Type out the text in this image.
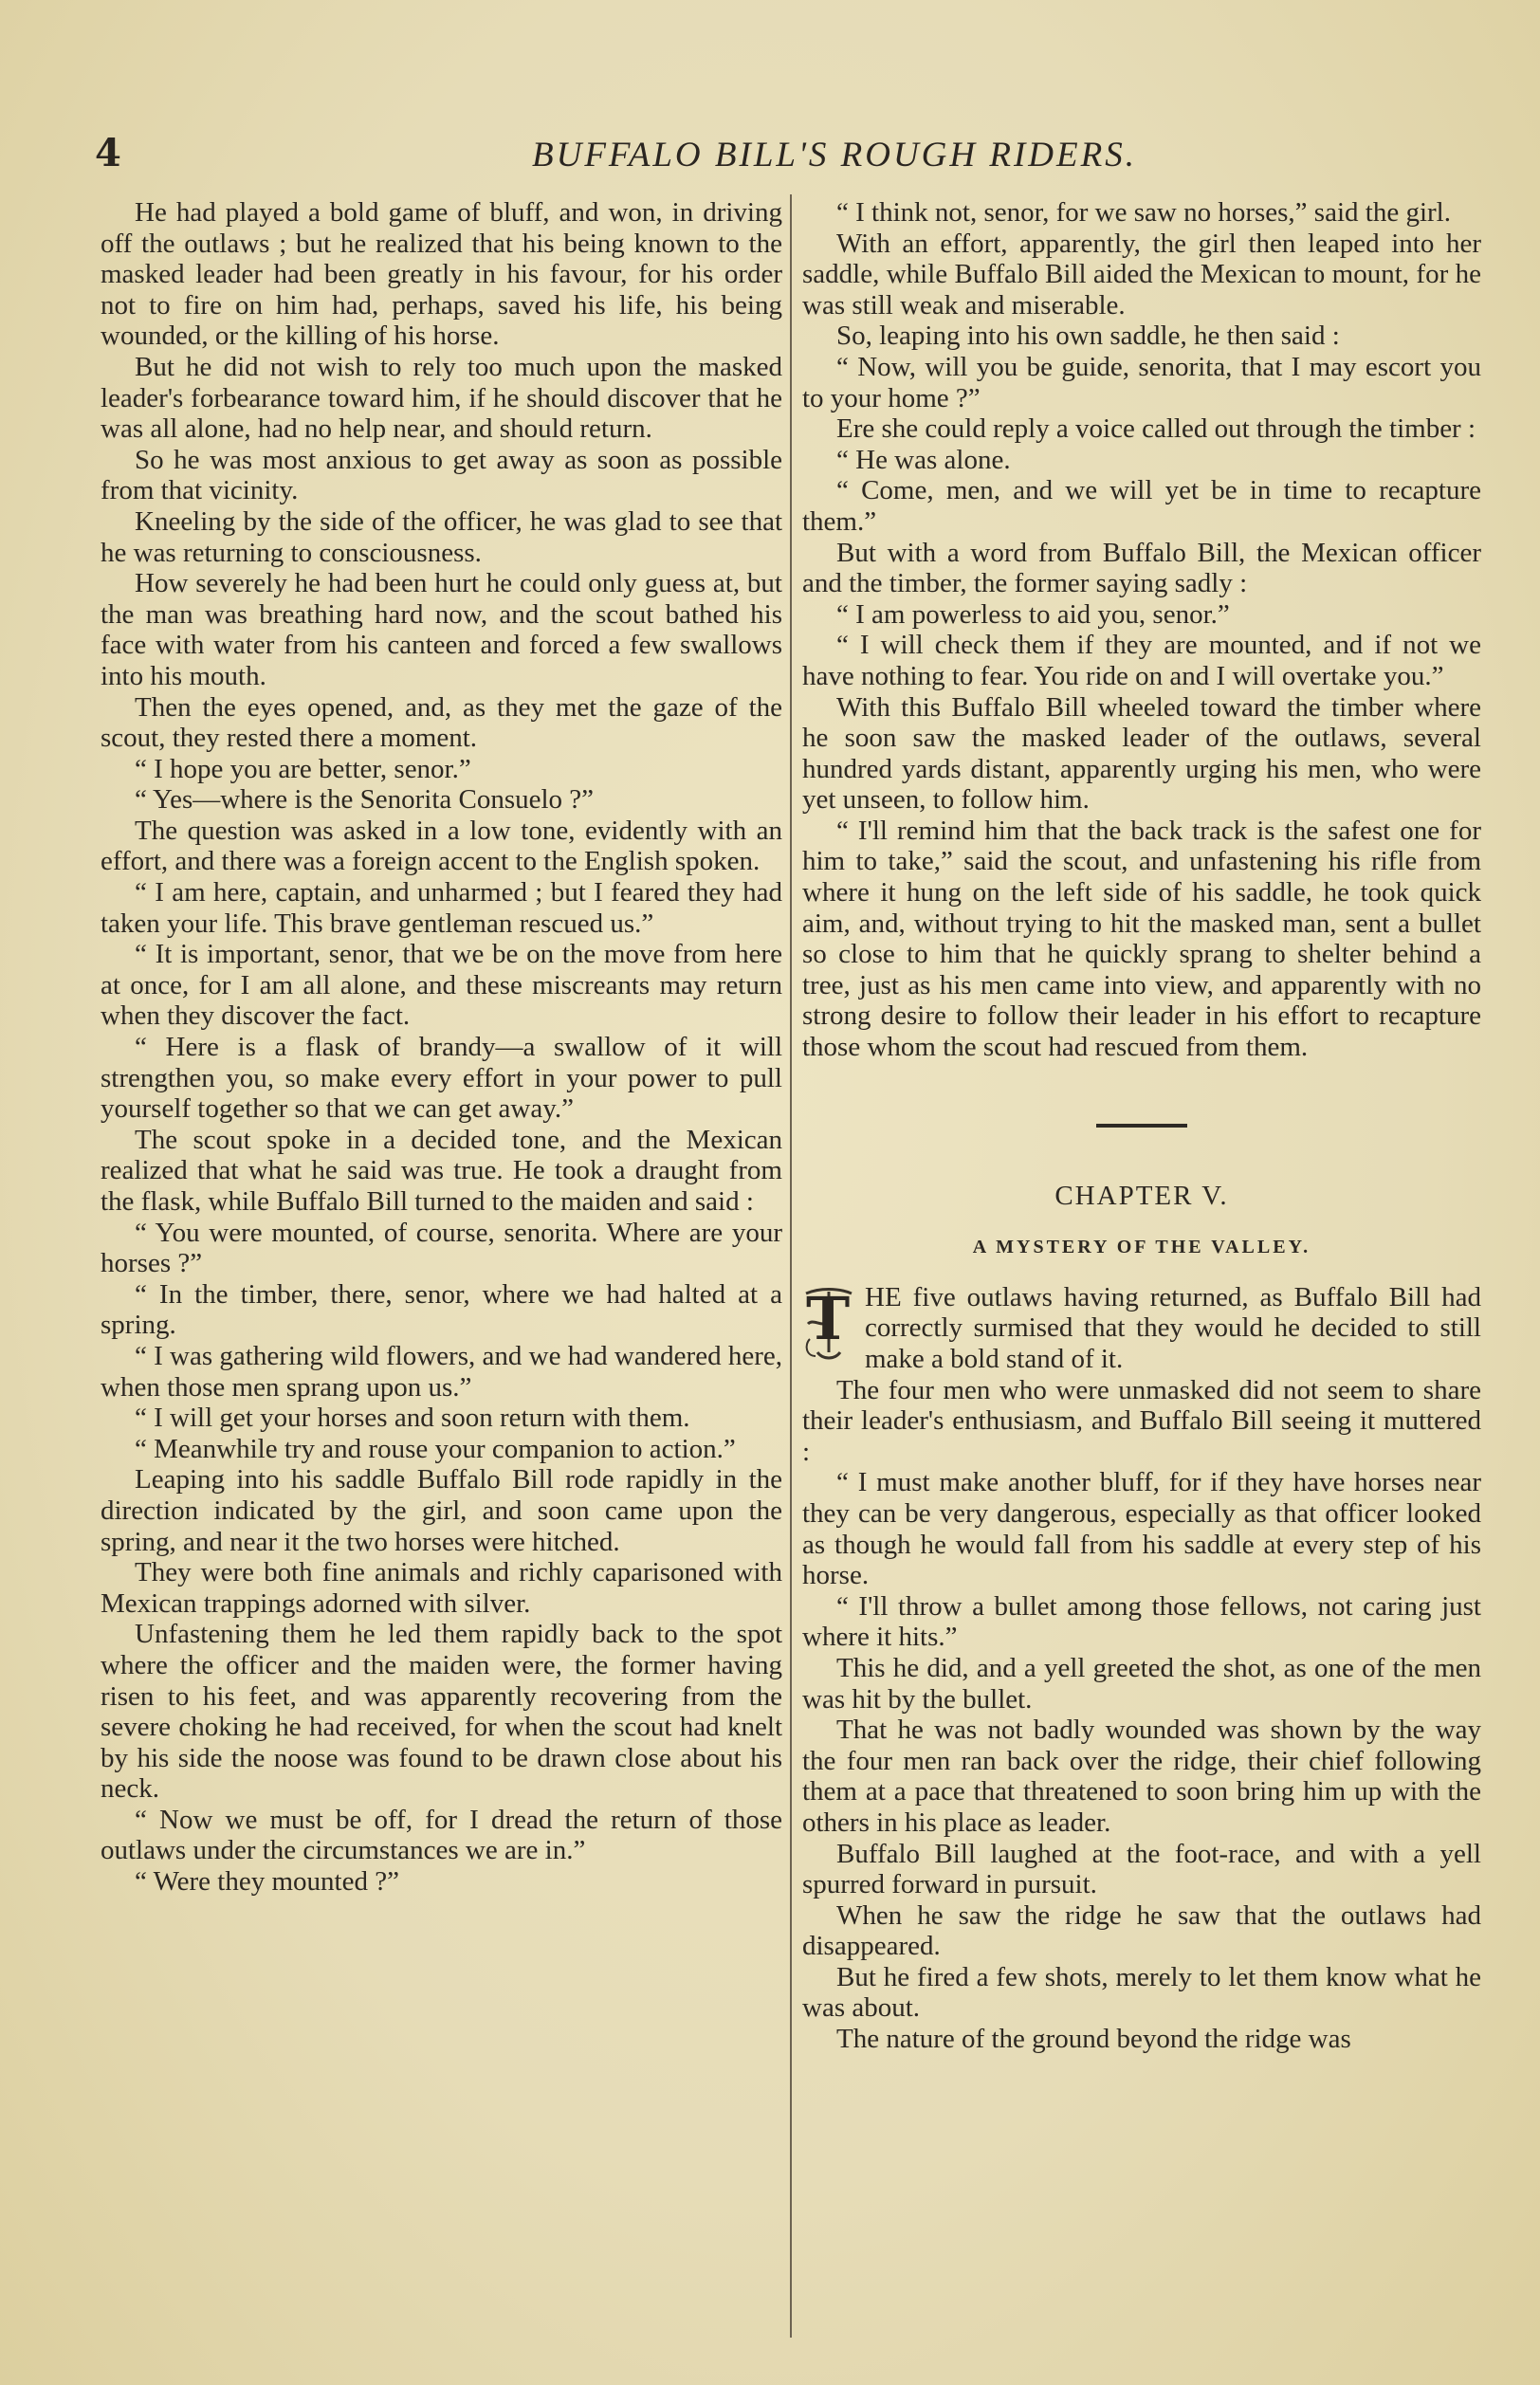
4	BUFFALO BILL'S ROUGH RIDERS.

He had played a bold game of bluff, and won, in driving off the outlaws ; but he realized that his being known to the masked leader had been greatly in his favour, for his order not to fire on him had, perhaps, saved his life, his being wounded, or the killing of his horse.

But he did not wish to rely too much upon the masked leader's forbearance toward him, if he should discover that he was all alone, had no help near, and should return.

So he was most anxious to get away as soon as possible from that vicinity.

Kneeling by the side of the officer, he was glad to see that he was returning to consciousness.

How severely he had been hurt he could only guess at, but the man was breathing hard now, and the scout bathed his face with water from his canteen and forced a few swallows into his mouth.

Then the eyes opened, and, as they met the gaze of the scout, they rested there a moment.

“ I hope you are better, senor.”

“ Yes—where is the Senorita Consuelo ?”

The question was asked in a low tone, evidently with an effort, and there was a foreign accent to the English spoken.

“ I am here, captain, and unharmed ; but I feared they had taken your life. This brave gentleman rescued us.”

“ It is important, senor, that we be on the move from here at once, for I am all alone, and these miscreants may return when they discover the fact.

“ Here is a flask of brandy—a swallow of it will strengthen you, so make every effort in your power to pull yourself together so that we can get away.”

The scout spoke in a decided tone, and the Mexican realized that what he said was true. He took a draught from the flask, while Buffalo Bill turned to the maiden and said :

“ You were mounted, of course, senorita. Where are your horses ?”

“ In the timber, there, senor, where we had halted at a spring.

“ I was gathering wild flowers, and we had wandered here, when those men sprang upon us.”

“ I will get your horses and soon return with them.

“ Meanwhile try and rouse your companion to action.”

Leaping into his saddle Buffalo Bill rode rapidly in the direction indicated by the girl, and soon came upon the spring, and near it the two horses were hitched.

They were both fine animals and richly caparisoned with Mexican trappings adorned with silver.

Unfastening them he led them rapidly back to the spot where the officer and the maiden were, the former having risen to his feet, and was apparently recovering from the severe choking he had received, for when the scout had knelt by his side the noose was found to be drawn close about his neck.

“ Now we must be off, for I dread the return of those outlaws under the circumstances we are in.”

“ Were they mounted ?”

“ I think not, senor, for we saw no horses,” said the girl.

With an effort, apparently, the girl then leaped into her saddle, while Buffalo Bill aided the Mexican to mount, for he was still weak and miserable.

So, leaping into his own saddle, he then said :

“ Now, will you be guide, senorita, that I may escort you to your home ?”

Ere she could reply a voice called out through the timber :

“ He was alone.

“ Come, men, and we will yet be in time to recapture them.”

But with a word from Buffalo Bill, the Mexican officer and the timber, the former saying sadly :

“ I am powerless to aid you, senor.”

“ I will check them if they are mounted, and if not we have nothing to fear. You ride on and I will overtake you.”

With this Buffalo Bill wheeled toward the timber where he soon saw the masked leader of the outlaws, several hundred yards distant, apparently urging his men, who were yet unseen, to follow him.

“ I'll remind him that the back track is the safest one for him to take,” said the scout, and unfastening his rifle from where it hung on the left side of his saddle, he took quick aim, and, without trying to hit the masked man, sent a bullet so close to him that he quickly sprang to shelter behind a tree, just as his men came into view, and apparently with no strong desire to follow their leader in his effort to recapture those whom the scout had rescued from them.

CHAPTER V.
A MYSTERY OF THE VALLEY.

T HE five outlaws having returned, as Buffalo Bill had correctly surmised that they would he decided to still make a bold stand of it.

The four men who were unmasked did not seem to share their leader's enthusiasm, and Buffalo Bill seeing it muttered :

“ I must make another bluff, for if they have horses near they can be very dangerous, especially as that officer looked as though he would fall from his saddle at every step of his horse.

“ I'll throw a bullet among those fellows, not caring just where it hits.”

This he did, and a yell greeted the shot, as one of the men was hit by the bullet.

That he was not badly wounded was shown by the way the four men ran back over the ridge, their chief following them at a pace that threatened to soon bring him up with the others in his place as leader.

Buffalo Bill laughed at the foot-race, and with a yell spurred forward in pursuit.

When he saw the ridge he saw that the outlaws had disappeared.

But he fired a few shots, merely to let them know what he was about.

The nature of the ground beyond the ridge was
